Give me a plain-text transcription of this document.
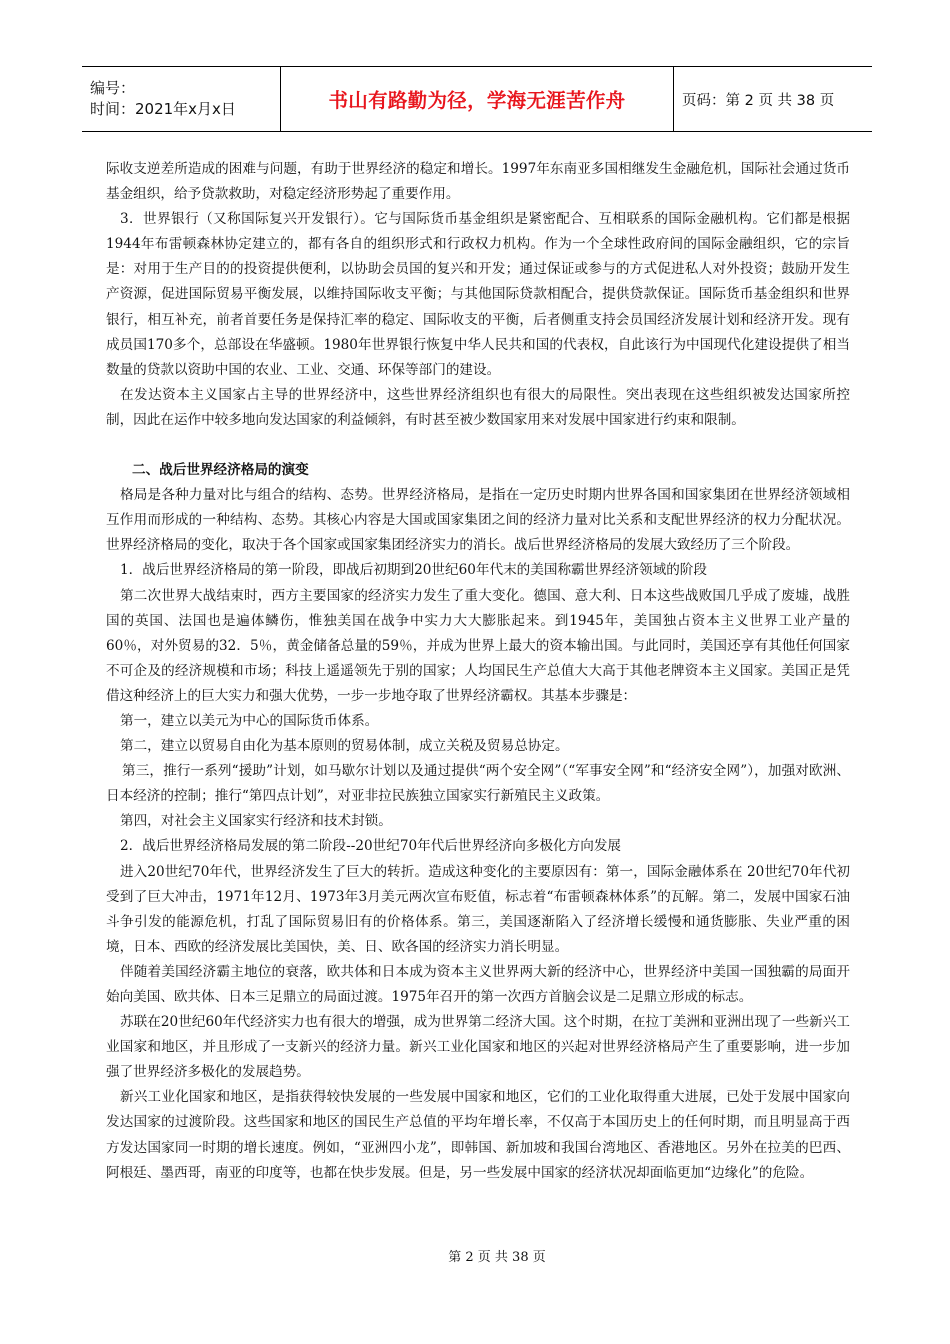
编号：
时间：2021年x月x日	书山有路勤为径，学海无涯苦作舟	页码：第 2 页 共 38 页

际收支逆差所造成的困难与问题，有助于世界经济的稳定和增长。1997年东南亚多国相继发生金融危机，国际社会通过货币基金组织，给予贷款救助，对稳定经济形势起了重要作用。

3．世界银行（又称国际复兴开发银行）。它与国际货币基金组织是紧密配合、互相联系的国际金融机构。它们都是根据1944年布雷顿森林协定建立的，都有各自的组织形式和行政权力机构。作为一个全球性政府间的国际金融组织，它的宗旨是：对用于生产目的的投资提供便利，以协助会员国的复兴和开发；通过保证或参与的方式促进私人对外投资；鼓励开发生产资源，促进国际贸易平衡发展，以维持国际收支平衡；与其他国际贷款相配合，提供贷款保证。国际货币基金组织和世界银行，相互补充，前者首要任务是保持汇率的稳定、国际收支的平衡，后者侧重支持会员国经济发展计划和经济开发。现有成员国170多个，总部设在华盛顿。1980年世界银行恢复中华人民共和国的代表权，自此该行为中国现代化建设提供了相当数量的贷款以资助中国的农业、工业、交通、环保等部门的建设。

在发达资本主义国家占主导的世界经济中，这些世界经济组织也有很大的局限性。突出表现在这些组织被发达国家所控制，因此在运作中较多地向发达国家的利益倾斜，有时甚至被少数国家用来对发展中国家进行约束和限制。

二、战后世界经济格局的演变

格局是各种力量对比与组合的结构、态势。世界经济格局，是指在一定历史时期内世界各国和国家集团在世界经济领域相互作用而形成的一种结构、态势。其核心内容是大国或国家集团之间的经济力量对比关系和支配世界经济的权力分配状况。世界经济格局的变化，取决于各个国家或国家集团经济实力的消长。战后世界经济格局的发展大致经历了三个阶段。

1．战后世界经济格局的第一阶段，即战后初期到20世纪60年代末的美国称霸世界经济领域的阶段

第二次世界大战结束时，西方主要国家的经济实力发生了重大变化。德国、意大利、日本这些战败国几乎成了废墟，战胜国的英国、法国也是遍体鳞伤，惟独美国在战争中实力大大膨胀起来。到1945年，美国独占资本主义世界工业产量的60％，对外贸易的32．5％，黄金储备总量的59％，并成为世界上最大的资本输出国。与此同时，美国还享有其他任何国家不可企及的经济规模和市场；科技上遥遥领先于别的国家；人均国民生产总值大大高于其他老牌资本主义国家。美国正是凭借这种经济上的巨大实力和强大优势，一步一步地夺取了世界经济霸权。其基本步骤是：

第一，建立以美元为中心的国际货币体系。

第二，建立以贸易自由化为基本原则的贸易体制，成立关税及贸易总协定。

第三，推行一系列“援助”计划，如马歇尔计划以及通过提供“两个安全网”（“军事安全网”和“经济安全网”），加强对欧洲、日本经济的控制；推行“第四点计划”，对亚非拉民族独立国家实行新殖民主义政策。

第四，对社会主义国家实行经济和技术封锁。

2．战后世界经济格局发展的第二阶段--20世纪70年代后世界经济向多极化方向发展

进入20世纪70年代，世界经济发生了巨大的转折。造成这种变化的主要原因有：第一，国际金融体系在 20世纪70年代初受到了巨大冲击，1971年12月、1973年3月美元两次宣布贬值，标志着“布雷顿森林体系”的瓦解。第二，发展中国家石油斗争引发的能源危机，打乱了国际贸易旧有的价格体系。第三，美国逐渐陷入了经济增长缓慢和通货膨胀、失业严重的困境，日本、西欧的经济发展比美国快，美、日、欧各国的经济实力消长明显。

伴随着美国经济霸主地位的衰落，欧共体和日本成为资本主义世界两大新的经济中心，世界经济中美国一国独霸的局面开始向美国、欧共体、日本三足鼎立的局面过渡。1975年召开的第一次西方首脑会议是二足鼎立形成的标志。

苏联在20世纪60年代经济实力也有很大的增强，成为世界第二经济大国。这个时期，在拉丁美洲和亚洲出现了一些新兴工业国家和地区，并且形成了一支新兴的经济力量。新兴工业化国家和地区的兴起对世界经济格局产生了重要影响，进一步加强了世界经济多极化的发展趋势。

新兴工业化国家和地区，是指获得较快发展的一些发展中国家和地区，它们的工业化取得重大进展，已处于发展中国家向发达国家的过渡阶段。这些国家和地区的国民生产总值的平均年增长率，不仅高于本国历史上的任何时期，而且明显高于西方发达国家同一时期的增长速度。例如，“亚洲四小龙”，即韩国、新加坡和我国台湾地区、香港地区。另外在拉美的巴西、阿根廷、墨西哥，南亚的印度等，也都在快步发展。但是，另一些发展中国家的经济状况却面临更加“边缘化”的危险。

第 2 页 共 38 页
